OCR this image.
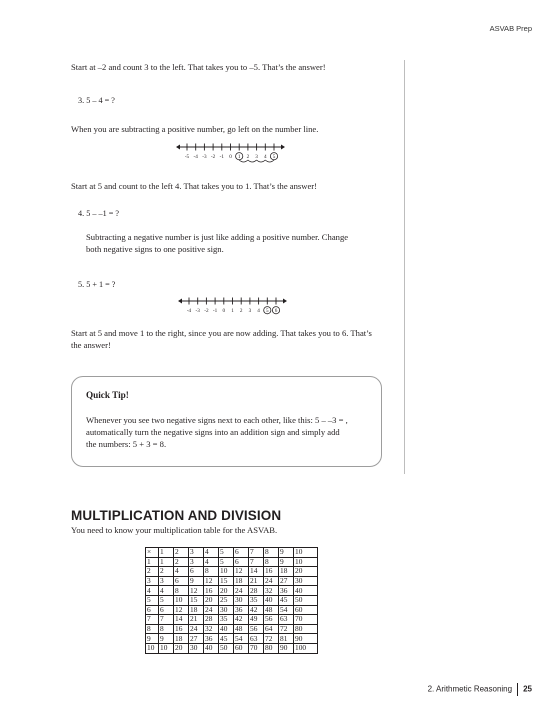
ASVAB Prep
Start at –2 and count 3 to the left. That takes you to –5. That’s the answer!
3. 5 – 4 = ?
When you are subtracting a positive number, go left on the number line.
-5 -4 -3 -2 -1 0 1 2 3 4 5
Start at 5 and count to the left 4. That takes you to 1. That’s the answer!
4. 5 – –1 = ?
Subtracting a negative number is just like adding a positive number. Change
both negative signs to one positive sign.
5. 5 + 1 = ?
-4 -3 -2 -1 0 1 2 3 4 5 6
Start at 5 and move 1 to the right, since you are now adding. That takes you to 6. That’s
the answer!
Quick Tip!
Whenever you see two negative signs next to each other, like this: 5 – –3 = ,
automatically turn the negative signs into an addition sign and simply add
the numbers: 5 + 3 = 8.
MULTIPLICATION AND DIVISION
You need to know your multiplication table for the ASVAB.
×	1	2	3	4	5	6	7	8	9	10
1	1	2	3	4	5	6	7	8	9	10
2	2	4	6	8	10	12	14	16	18	20
3	3	6	9	12	15	18	21	24	27	30
4	4	8	12	16	20	24	28	32	36	40
5	5	10	15	20	25	30	35	40	45	50
6	6	12	18	24	30	36	42	48	54	60
7	7	14	21	28	35	42	49	56	63	70
8	8	16	24	32	40	48	56	64	72	80
9	9	18	27	36	45	54	63	72	81	90
10	10	20	30	40	50	60	70	80	90	100
2. Arithmetic Reasoning 25
